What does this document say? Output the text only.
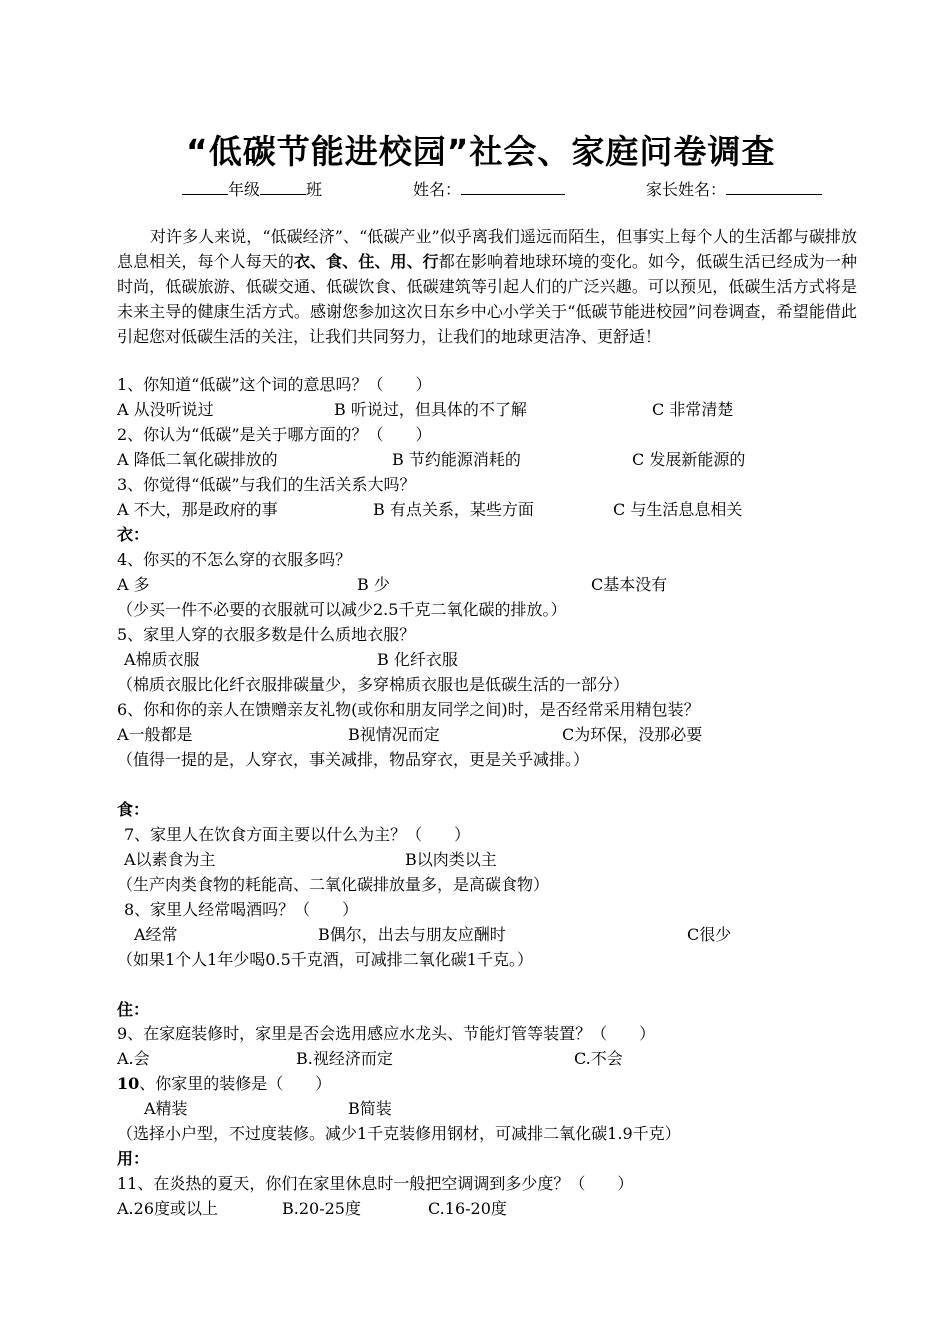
“低碳节能进校园”社会、家庭问卷调查
年级	班	姓名：	家长姓名：

对许多人来说，“低碳经济”、“低碳产业”似乎离我们遥远而陌生，但事实上每个人的生活都与碳排放息息相关，每个人每天的衣、食、住、用、行都在影响着地球环境的变化。如今，低碳生活已经成为一种时尚，低碳旅游、低碳交通、低碳饮食、低碳建筑等引起人们的广泛兴趣。可以预见，低碳生活方式将是未来主导的健康生活方式。感谢您参加这次日东乡中心小学关于“低碳节能进校园”问卷调查，希望能借此引起您对低碳生活的关注，让我们共同努力，让我们的地球更洁净、更舒适！

1、你知道“低碳”这个词的意思吗？（　　）
A 从没听说过	B 听说过，但具体的不了解	C 非常清楚
2、你认为“低碳”是关于哪方面的？（　　）
A 降低二氧化碳排放的	B 节约能源消耗的	C 发展新能源的
3、你觉得“低碳”与我们的生活关系大吗？
A 不大，那是政府的事	B 有点关系，某些方面	C 与生活息息相关
衣：
4、你买的不怎么穿的衣服多吗？
A 多	B 少	C基本没有
（少买一件不必要的衣服就可以减少2.5千克二氧化碳的排放。）
5、家里人穿的衣服多数是什么质地衣服？
A棉质衣服	B 化纤衣服
（棉质衣服比化纤衣服排碳量少，多穿棉质衣服也是低碳生活的一部分）
6、你和你的亲人在馈赠亲友礼物(或你和朋友同学之间)时，是否经常采用精包装？
A一般都是	B视情况而定	C为环保，没那必要
（值得一提的是，人穿衣，事关减排，物品穿衣，更是关乎减排。）
食：
7、家里人在饮食方面主要以什么为主？（　　）
A以素食为主	B以肉类以主
（生产肉类食物的耗能高、二氧化碳排放量多，是高碳食物）
8、家里人经常喝酒吗？（　　）
A经常	B偶尔，出去与朋友应酬时	C很少
（如果1个人1年少喝0.5千克酒，可减排二氧化碳1千克。）
住：
9、在家庭装修时，家里是否会选用感应水龙头、节能灯管等装置？（　　）
A.会	B.视经济而定	C.不会
10、你家里的装修是（　　）
A精装	B简装
（选择小户型，不过度装修。减少1千克装修用钢材，可减排二氧化碳1.9千克）
用：
11、在炎热的夏天，你们在家里休息时一般把空调调到多少度？（　　）
A.26度或以上	B.20-25度	C.16-20度
